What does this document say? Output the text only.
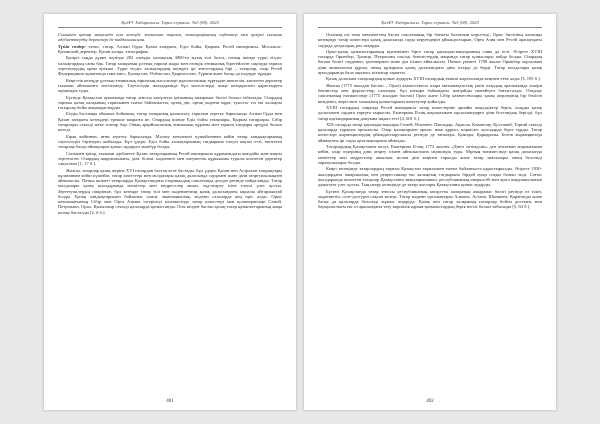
ҚазҰУ Хабаршысы. Тарих сериясы. №3 (98). 2020

Сонымен қатар мақалада осы кезеңде жазылған тарихи, этнографиялық еңбектер мен қазіргі ғылыми әдебиеттердің деректері де пайдаланылған.

Түйін сөздер: этнос, татар, Алтын Орда, Қазан хандығы, Еділ бойы, Қырым, Ресей империясы, Мосальск-Қазанский деректер, Қазан халқы, этнография.

Қазіргі таңда дүние жүзінде 282 әлемдік халықтың 3000-ға жуық тілі болса, соның ішінде түркі тілдес халықтардың саны бар. Татар халқының ұлттық тарихи жады мен өзіндік этникалық бірегейлігін сақтауда тарихи зерттеулердің орны ерекше. Түркі тілдес халықтардың ішіндегі ірі этностардың бірі – татарлар, олар Ресей Федерациясы аумағында ғана емес, Қазақстан, Өзбекстан, Қырғызстан, Түркия және басқа да елдерде тұрады.

Кеңестік кезеңде ұлттық-этникалық тарихтың мәселелері идеологиялық тұрғыдан шектеліп, көптеген деректер ғылыми айналымға енгізілмеді. Тәуелсіздік жылдарында бұл мәселелерді жаңа көзқараспен қарастыруға мүмкіндік туды.

Бүгінде Қазақстан аумағында татар этносы көпұлтты қоғамның ажырамас бөлігі болып табылады. Олардың тарихы қазақ халқының тарихымен тығыз байланысты, ортақ дін, ортақ мәдени мұра, туыстас тіл екі халықты ғасырлар бойы жақындастырды.

Біздің бастапқы ойымыз бойынша, татар халқының қалыптасу тарихын зерттеу барысында Алтын Орда мен Қазан хандығы кезеңдері ерекше маңызға ие. Олардың ішінде Еділ бойы татарлары, Қырым татарлары, Сібір татарлары секілді жеке топтар бар. Оның әрқайсысының этникалық құрамы мен тарихи тағдыры әртүрлі болып келеді.

Бірақ кейіннен, яғни зерттеу барысында, Мәскеу мемлекеті күшейгеннен кейін татар хандықтарының тәуелсіздігі біртіндеп жойылды. Бұл үдеріс Еділ бойы халықтарының тағдырына елеулі ықпал етті, көптеген татарлар басқа аймақтарға қоныс аударуға мәжбүр болды.

Сонымен қатар, ғылыми әдебиетте Қазан татарларының Ресей империясы құрамындағы жағдайы жан-жақты зерттелген. Олардың шаруашылығы, діні, білімі, мәдениеті мен әлеуметтік құрылымы туралы көптеген деректер сақталған [1, 17 б.].

Жалпы, татарлар қазақ жеріне ХVІ ғасырдан бастап келе бастады. Бұл үдеріс Қазан мен Астрахан хандықтары құлағаннан кейін күшейіп, татар көпестері мен молдалары қазақ даласында саудамен және діни ағартушылықпен айналысты. Патша өкіметі татарларды Қазақстандағы отаршылдық саясатында делдал ретінде пайдаланды. Татар молдалары қазақ ауылдарында мешіттер мен медреселер ашып, оқу-ағарту ісіне елеулі үлес қосты. Зерттеушілердің пікірінше, бұл кезеңде татар тілі мен мәдениетінің қазақ даласындағы ықпалы айтарлықтай болды. Қазақ хандықтарымен байланыс саяси, экономикалық, мәдени салаларда кең өріс алды. Орыс патшалығының Сібір мен Орта Азияға ілгерілеуі нәтижесінде татар көпестері мен қолөнершілері Семей, Петропавл, Орал, Қызылжар секілді қалаларда қоныстанды. Осы кезден бастап қазақ-татар қатынастарының жаңа кезеңі басталды [2, 6 б.].

401
ҚазҰУ Хабаршысы. Тарих сериясы. №3 (98). 2020

Осының өзі ғана мемлекеттің басты саясатының бір бағыты болғанын көрсетеді. Орыс билігінің алғашқы кезеңінде татар көпестері қазақ даласында сауда керуендерін ұйымдастырып, Орта Азия мен Ресей арасындағы саудада делдалдық рөл атқарды.

Орыс-қазақ қатынастарының күшеюімен бірге татар қауымдастықтарының саны да өсті. Әсіресе ХVІІІ ғасырда Орынбор, Троицк, Петропавл секілді бекіністердің маңында татар қоныстары пайда болды. Олардың басым бөлігі саудамен, қолөнермен және дін ісімен айналысты. Патша үкіметі 1788 жылы Орынбор мұсылман діни жиналысын құрып, оның құзырына қазақ даласындағы діни істерді де берді. Татар молдалары қазақ ауылдарында бала оқытып, кітаптар таратты.

Қазақ даласына татарлардың қоныс аударуы ХVІІІ ғасырдың екінші жартысында кеңінен етек алды [3, 195 б.].

Жалпы (1775 жылдан бастап – Орал) казачествосы өзара ынтымақтастық үшін олардың аралығында әскери бекіністер мен форпосттар салынды, бұл шекара бойындағы жағдайды нығайтуға бағытталды. Отарлау саясатының нәтижесінде (1775 жылдан бастап) Орал және Сібір казачестволары қазақ жерлерінің бір бөлігін иемденіп, жергілікті халықтың қоныстарына шектеулер қойылды.

ХVІІІ ғасырдың соңында Ресей империясы татар көпестеріне арнайы жеңілдіктер беріп, оларды қазақ даласымен саудаға тартуға тырысты. Екатерина ІІ-нің жарлығымен мұсылмандарға діни бостандық берілді, бұл татар қауымдарының дамуына ықпал етті [4, 601 б.].

ХІХ ғасырда татар қауымдастықтары Семей, Өскемен, Павлодар, Ақмола, Көкшетау, Қостанай, Торғай секілді қалаларда тұрақты орналасты. Олар қазақтармен аралас неке құрып, көршілес ауылдарда бірге тұрды. Татар көпестері жәрмеңкелердің ұйымдастырушысы ретінде де танылды. Қоянды, Қарқаралы, Ботов жәрмеңкелері аймақтағы ірі сауда орталықтарына айналды.

Татарлардың Қазақстанға келуі, Екатерина ІІ-нің 1773 жылғы «Дінге төзімділік» деп аталатын жарлығынан кейін, олар өздерінің діни ағарту ісімен айналысуына мүмкіндік туды. Мұның нәтижесінде қазақ даласында мешіттер мен медреселер ашылып, ислам діні кеңінен таралды және татар зиялылары оның белсенді таратушылары болды.

Кеңес кезеңінде татарлардың тарихы Қазақстан тарихымен тығыз байланыста қарастырылды. Әсіресе 1930-жылдардағы ашаршылық пен репрессиялар екі халықтың тағдырына бірдей ауыр соққы болып тиді. Соғыс жылдарында көптеген татарлар Қазақстанға эвакуацияланып, республиканың өнеркәсібі мен ауыл шаруашылығын дамытуға үлес қосты. Тың игеру кезеңінде де татар жастары Қазақстанға қоныс аударды.

Бүгінгі Қазақстанда татар этносы республиканың көпұлтты халқының ажырамас бөлігі ретінде өз тілін, мәдениетін, салт-дәстүрін сақтап келеді. Татар мәдени орталықтары Алматы, Астана, Шымкент, Қарағанды және басқа да қалаларда белсенді жұмыс атқаруда. Қазақ пен татар халқының ғасырлар бойғы достығы мен бауырластығы екі ел арасындағы тату көршілік қарым-қатынастардың берік негізі болып табылады [5, 84 б.].

402
